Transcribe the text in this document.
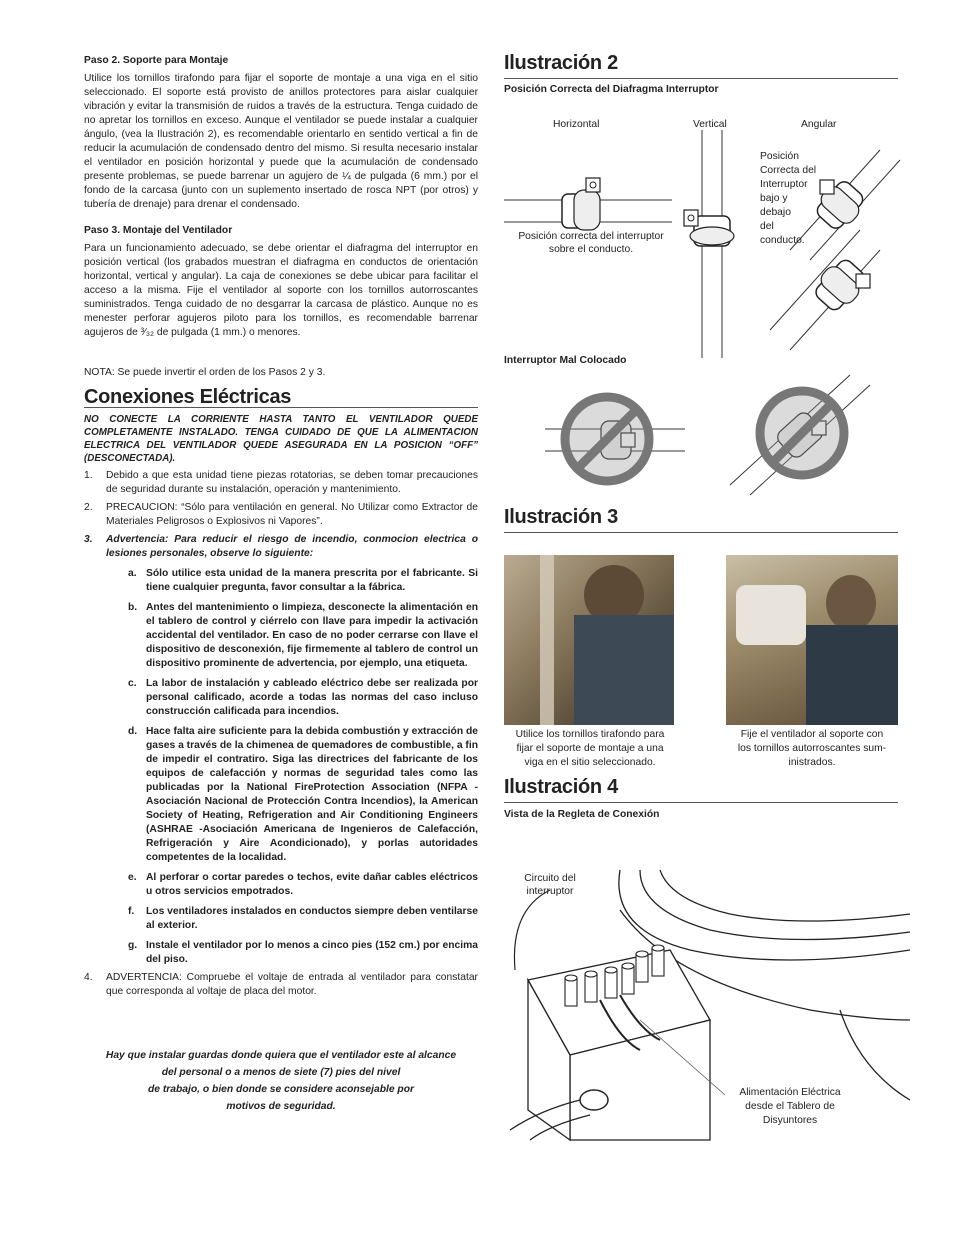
Paso 2. Soporte para Montaje

Utilice los tornillos tirafondo para fijar el soporte de montaje a una viga en el sitio seleccionado. El soporte está provisto de anillos protectores para aislar cualquier vibración y evitar la transmisión de ruidos a través de la estructura. Tenga cuidado de no apretar los tornillos en exceso. Aunque el ventilador se puede instalar a cualquier ángulo, (vea la Ilustración 2), es recomendable orientarlo en sentido vertical a fin de reducir la acumulación de condensado dentro del mismo. Si resulta necesario instalar el ventilador en posición horizontal y puede que la acumulación de condensado presente problemas, se puede barrenar un agujero de ¼ de pulgada (6 mm.) por el fondo de la carcasa (junto con un suplemento insertado de rosca NPT (por otros) y tubería de drenaje) para drenar el condensado.

Paso 3. Montaje del Ventilador

Para un funcionamiento adecuado, se debe orientar el diafragma del interruptor en posición vertical (los grabados muestran el diafragma en conductos de orientación horizontal, vertical y angular). La caja de conexiones se debe ubicar para facilitar el acceso a la misma. Fije el ventilador al soporte con los tornillos autorroscantes suministrados. Tenga cuidado de no desgarrar la carcasa de plástico. Aunque no es menester perforar agujeros piloto para los tornillos, es recomendable barrenar agujeros de ³⁄₃₂ de pulgada (1 mm.) o menores.

NOTA: Se puede invertir el orden de los Pasos 2 y 3.

Conexiones Eléctricas

NO CONECTE LA CORRIENTE HASTA TANTO EL VENTILADOR QUEDE COMPLETAMENTE INSTALADO. TENGA CUIDADO DE QUE LA ALIMENTACION ELECTRICA DEL VENTILADOR QUEDE ASEGURADA EN LA POSICION “OFF” (DESCONECTADA).

1. Debido a que esta unidad tiene piezas rotatorias, se deben tomar precauciones de seguridad durante su instalación, operación y mantenimiento.
2. PRECAUCION: “Sólo para ventilación en general. No Utilizar como Extractor de Materiales Peligrosos o Explosivos ni Vapores”.
3. Advertencia: Para reducir el riesgo de incendio, conmocion electrica o lesiones personales, observe lo siguiente:
a. Sólo utilice esta unidad de la manera prescrita por el fabricante. Si tiene cualquier pregunta, favor consultar a la fábrica.
b. Antes del mantenimiento o limpieza, desconecte la alimentación en el tablero de control y ciérrelo con llave para impedir la activación accidental del ventilador. En caso de no poder cerrarse con llave el dispositivo de desconexión, fije firmemente al tablero de control un dispositivo prominente de advertencia, por ejemplo, una etiqueta.
c. La labor de instalación y cableado eléctrico debe ser realizada por personal calificado, acorde a todas las normas del caso incluso construcción calificada para incendios.
d. Hace falta aire suficiente para la debida combustión y extracción de gases a través de la chimenea de quemadores de combustible, a fin de impedir el contratiro. Siga las directrices del fabricante de los equipos de calefacción y normas de seguridad tales como las publicadas por la National FireProtection Association (NFPA - Asociación Nacional de Protección Contra Incendios), la American Society of Heating, Refrigeration and Air Conditioning Engineers (ASHRAE -Asociación Americana de Ingenieros de Calefacción, Refrigeración y Aire Acondicionado), y porlas autoridades competentes de la localidad.
e. Al perforar o cortar paredes o techos, evite dañar cables eléctricos u otros servicios empotrados.
f. Los ventiladores instalados en conductos siempre deben ventilarse al exterior.
g. Instale el ventilador por lo menos a cinco pies (152 cm.) por encima del piso.
4. ADVERTENCIA: Compruebe el voltaje de entrada al ventilador para constatar que corresponda al voltaje de placa del motor.
Hay que instalar guardas donde quiera que el ventilador este al alcance
del personal o a menos de siete (7) pies del nivel
de trabajo, o bien donde se considere aconsejable por
motivos de seguridad.
Ilustración 2
Posición Correcta del Diafragma Interruptor
Horizontal	Vertical	Angular
Posición correcta del interruptor
sobre el conducto.
Posición
Correcta del
Interruptor
bajo y
debajo
del
conducto.
Interruptor Mal Colocado
Ilustración 3
Utilice los tornillos tirafondo para
fijar el soporte de montaje a una
viga en el sitio seleccionado.
Fije el ventilador al soporte con
los tornillos autorroscantes sum-
inistrados.
Ilustración 4
Vista de la Regleta de Conexión
Circuito del
interruptor
Alimentación Eléctrica
desde el Tablero de
Disyuntores
